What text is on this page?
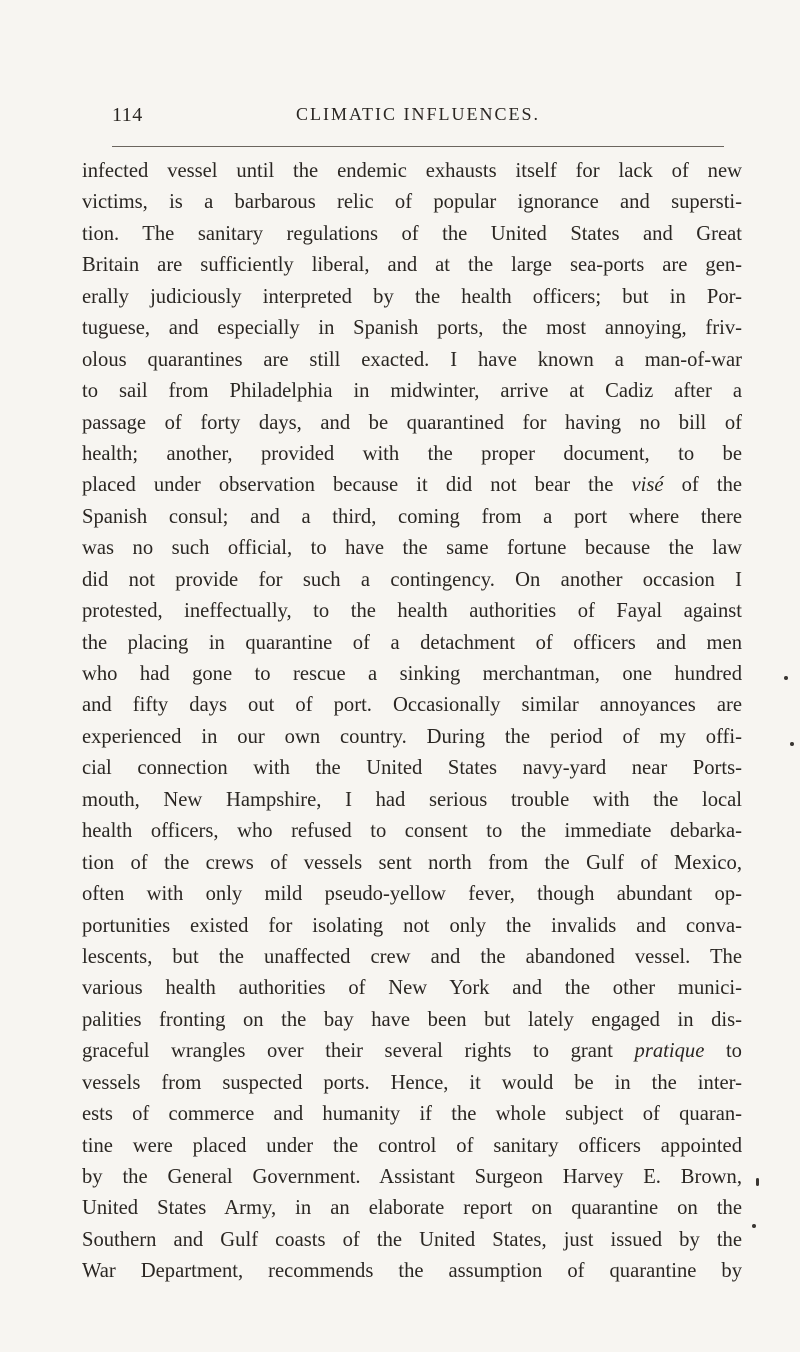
114	CLIMATIC INFLUENCES.
infected vessel until the endemic exhausts itself for lack of new
victims, is a barbarous relic of popular ignorance and supersti-
tion. The sanitary regulations of the United States and Great
Britain are sufficiently liberal, and at the large sea-ports are gen-
erally judiciously interpreted by the health officers; but in Por-
tuguese, and especially in Spanish ports, the most annoying, friv-
olous quarantines are still exacted. I have known a man-of-war
to sail from Philadelphia in midwinter, arrive at Cadiz after a
passage of forty days, and be quarantined for having no bill of
health; another, provided with the proper document, to be
placed under observation because it did not bear the visé of the
Spanish consul; and a third, coming from a port where there
was no such official, to have the same fortune because the law
did not provide for such a contingency. On another occasion I
protested, ineffectually, to the health authorities of Fayal against
the placing in quarantine of a detachment of officers and men
who had gone to rescue a sinking merchantman, one hundred
and fifty days out of port. Occasionally similar annoyances are
experienced in our own country. During the period of my offi-
cial connection with the United States navy-yard near Ports-
mouth, New Hampshire, I had serious trouble with the local
health officers, who refused to consent to the immediate debarka-
tion of the crews of vessels sent north from the Gulf of Mexico,
often with only mild pseudo-yellow fever, though abundant op-
portunities existed for isolating not only the invalids and conva-
lescents, but the unaffected crew and the abandoned vessel. The
various health authorities of New York and the other munici-
palities fronting on the bay have been but lately engaged in dis-
graceful wrangles over their several rights to grant pratique to
vessels from suspected ports. Hence, it would be in the inter-
ests of commerce and humanity if the whole subject of quaran-
tine were placed under the control of sanitary officers appointed
by the General Government. Assistant Surgeon Harvey E. Brown,
United States Army, in an elaborate report on quarantine on the
Southern and Gulf coasts of the United States, just issued by the
War Department, recommends the assumption of quarantine by
